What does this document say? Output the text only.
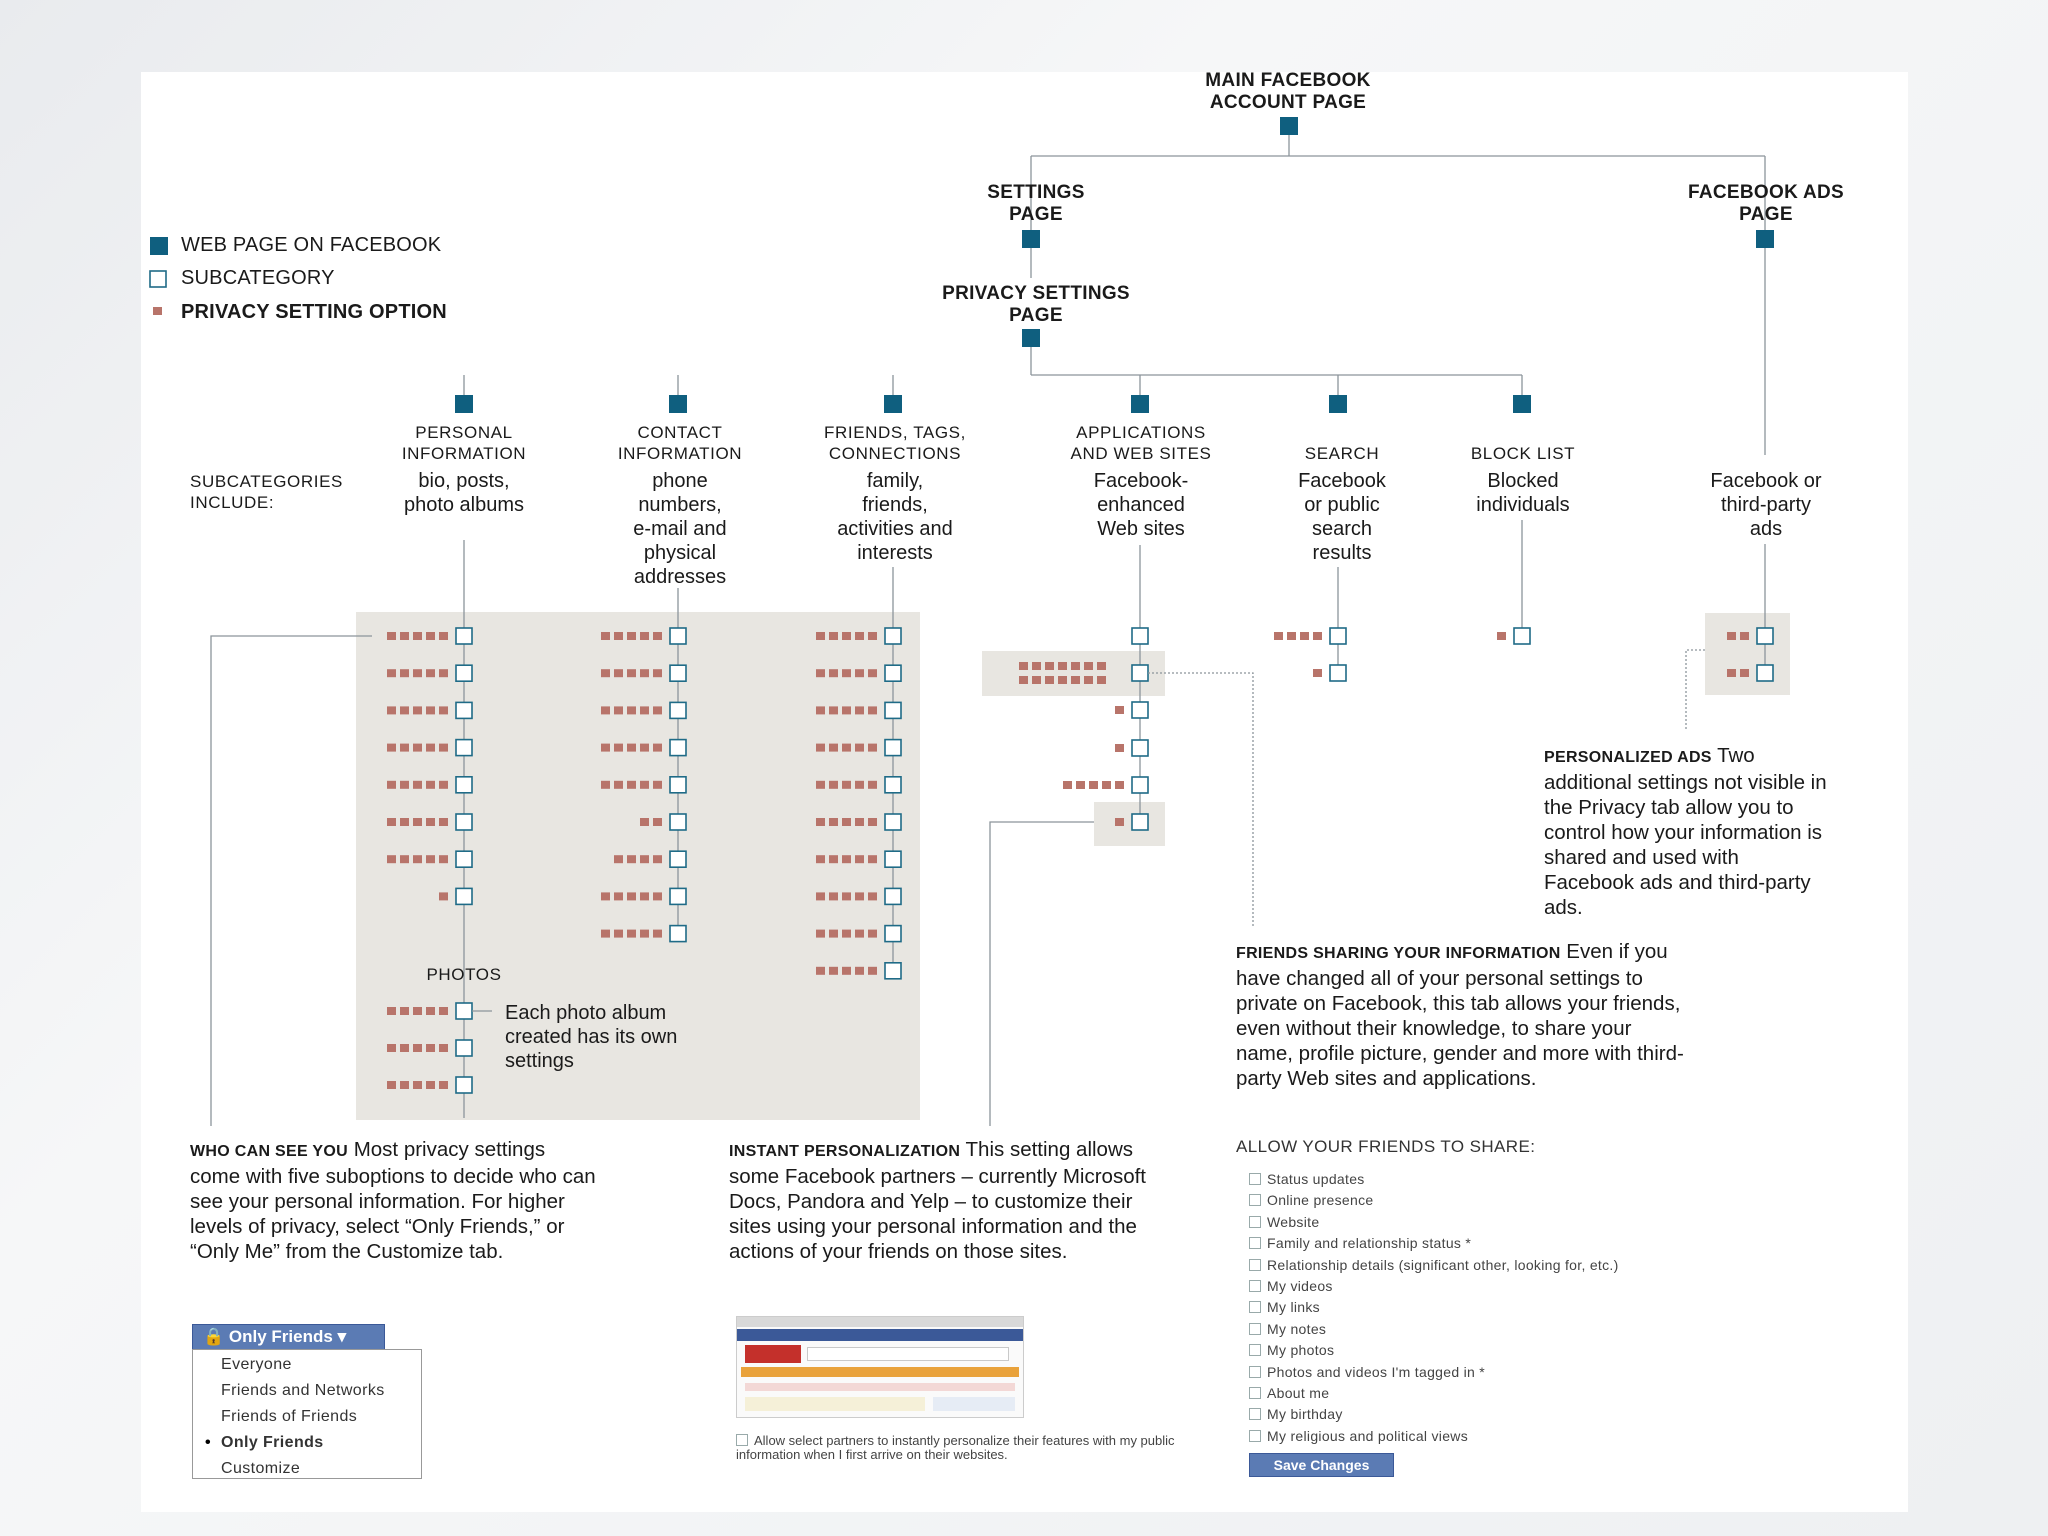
MAIN FACEBOOK
ACCOUNT PAGE
SETTINGS
PAGE
FACEBOOK ADS
PAGE
PRIVACY SETTINGS
PAGE
WEB PAGE ON FACEBOOK
SUBCATEGORY
PRIVACY SETTING OPTION
SUBCATEGORIES
INCLUDE:
PERSONAL
INFORMATION
bio, posts,
photo albums
CONTACT
INFORMATION
phone
numbers,
e-mail and
physical
addresses
FRIENDS, TAGS,
CONNECTIONS
family,
friends,
activities and
interests
APPLICATIONS
AND WEB SITES
Facebook-
enhanced
Web sites
SEARCH
Facebook
or public
search
results
BLOCK LIST
Blocked
individuals
Facebook or
third-party
ads
PHOTOS
Each photo album
created has its own
settings
PERSONALIZED ADS Two additional settings not visible in the Privacy tab allow you to control how your information is shared and used with Facebook ads and third-party ads.
FRIENDS SHARING YOUR INFORMATION Even if you have changed all of your personal settings to private on Facebook, this tab allows your friends, even without their knowledge, to share your name, profile picture, gender and more with third- party Web sites and applications.
WHO CAN SEE YOU Most privacy settings come with five suboptions to decide who can see your personal information. For higher levels of privacy, select “Only Friends,” or “Only Me” from the Customize tab.
INSTANT PERSONALIZATION This setting allows some Facebook partners – currently Microsoft Docs, Pandora and Yelp – to customize their sites using your personal information and the actions of your friends on those sites.
🔒 Only Friends ▾
Everyone
Friends and Networks
Friends of Friends
Only Friends
•
Customize
Allow select partners to instantly personalize their features with my public information when I first arrive on their websites.
ALLOW YOUR FRIENDS TO SHARE:
Status updates
Online presence
Website
Family and relationship status *
Relationship details (significant other, looking for, etc.)
My videos
My links
My notes
My photos
Photos and videos I'm tagged in *
About me
My birthday
My religious and political views
Save Changes
